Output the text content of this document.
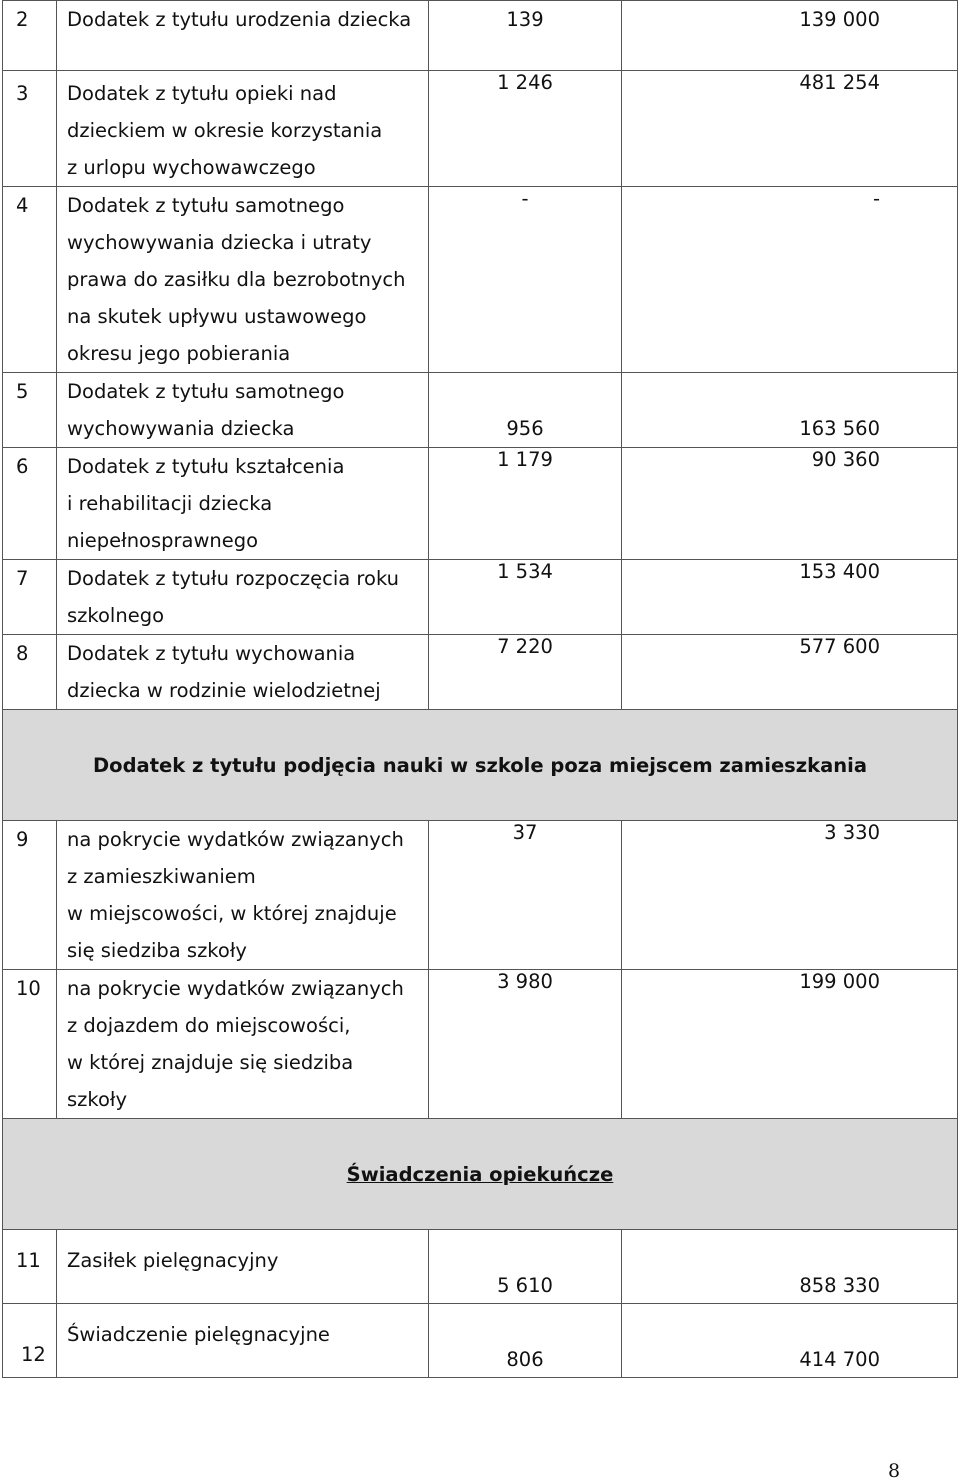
2	Dodatek z tytułu urodzenia dziecka	139	139 000
3	Dodatek z tytułu opieki nad
dzieckiem w okresie korzystania
z urlopu wychowawczego	1 246	481 254
4	Dodatek z tytułu samotnego
wychowywania dziecka i utraty
prawa do zasiłku dla bezrobotnych
na skutek upływu ustawowego
okresu jego pobierania	-	-
5	Dodatek z tytułu samotnego
wychowywania dziecka	956	163 560
6	Dodatek z tytułu kształcenia
i rehabilitacji dziecka
niepełnosprawnego	1 179	90 360
7	Dodatek z tytułu rozpoczęcia roku
szkolnego	1 534	153 400
8	Dodatek z tytułu wychowania
dziecka w rodzinie wielodzietnej	7 220	577 600
Dodatek z tytułu podjęcia nauki w szkole poza miejscem zamieszkania			
9	na pokrycie wydatków związanych
z zamieszkiwaniem
w miejscowości, w której znajduje
się siedziba szkoły	37	3 330
10	na pokrycie wydatków związanych
z dojazdem do miejscowości,
w której znajduje się siedziba
szkoły	3 980	199 000
Świadczenia opiekuńcze			
11	Zasiłek pielęgnacyjny	5 610	858 330
12	Świadczenie pielęgnacyjne	806	414 700
8
